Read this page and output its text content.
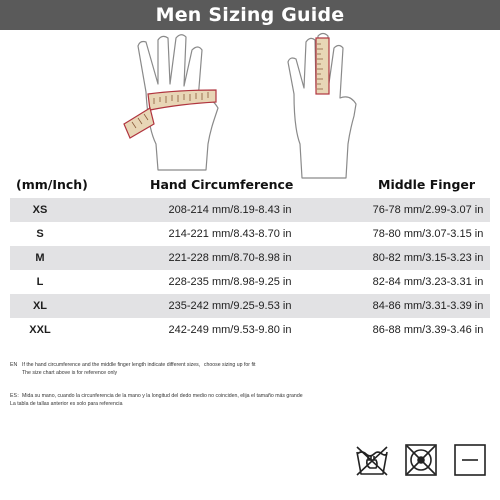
Men Sizing Guide
(mm/Inch)	Hand Circumference	Middle Finger
XS	208-214 mm/8.19-8.43 in	76-78 mm/2.99-3.07 in
S	214-221 mm/8.43-8.70 in	78-80 mm/3.07-3.15 in
M	221-228 mm/8.70-8.98 in	80-82 mm/3.15-3.23 in
L	228-235 mm/8.98-9.25 in	82-84 mm/3.23-3.31 in
XL	235-242 mm/9.25-9.53 in	84-86 mm/3.31-3.39 in
XXL	242-249 mm/9.53-9.80 in	86-88 mm/3.39-3.46 in
EN If the hand circumference and the middle finger length indicate different sizes，choose sizing up for fit
The size chart above is for reference only
ES：Mida su mano, cuando la circunferencia de la mano y la longitud del dedo medio no coinciden, elija el tamaño más grande
La tabla de tallas anterior es solo para referencia
